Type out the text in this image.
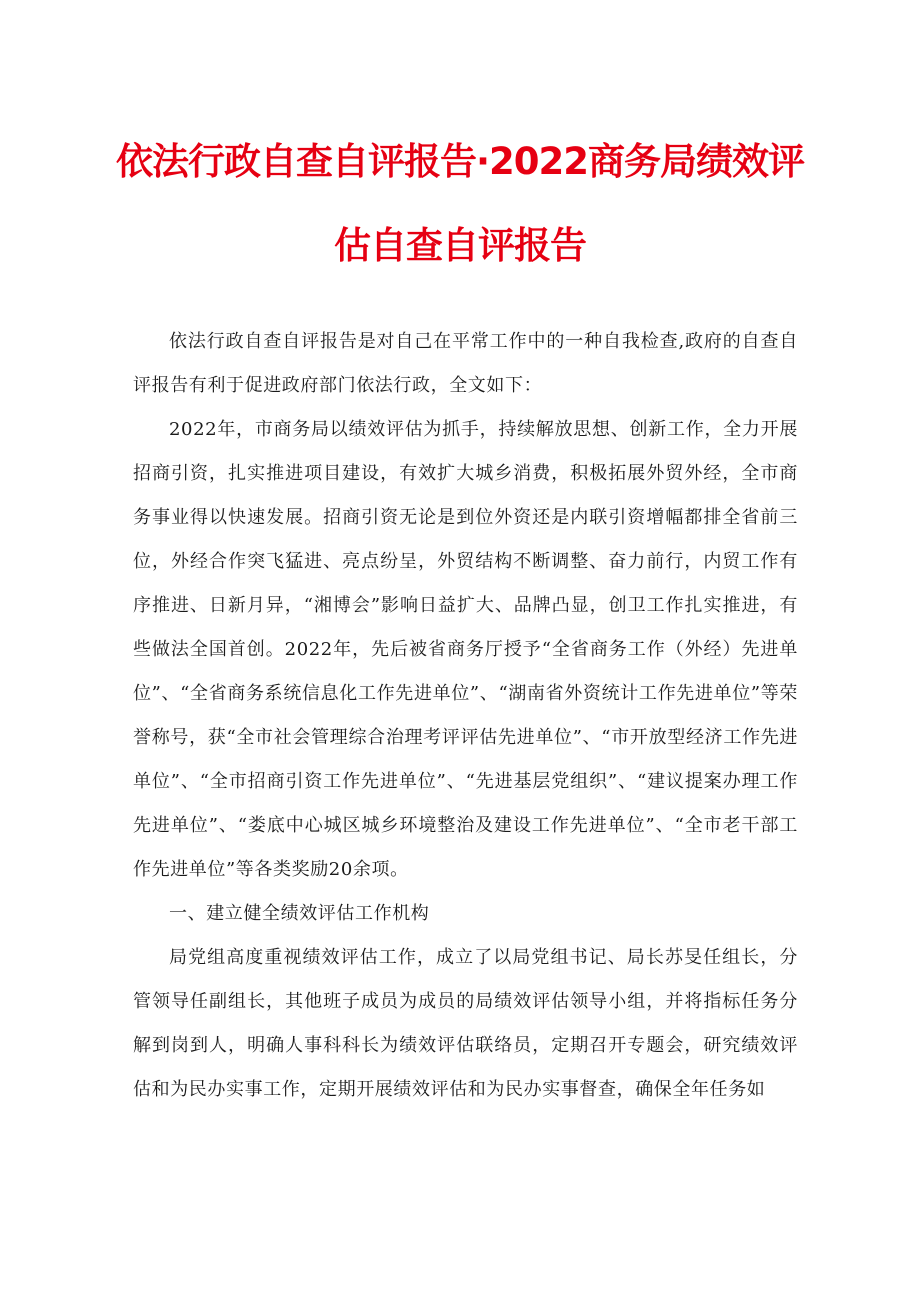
依法行政自查自评报告·2022商务局绩效评
估自查自评报告

依法行政自查自评报告是对自己在平常工作中的一种自我检查,政府的自查自评报告有利于促进政府部门依法行政，全文如下：

2022年，市商务局以绩效评估为抓手，持续解放思想、创新工作，全力开展招商引资，扎实推进项目建设，有效扩大城乡消费，积极拓展外贸外经，全市商务事业得以快速发展。招商引资无论是到位外资还是内联引资增幅都排全省前三位，外经合作突飞猛进、亮点纷呈，外贸结构不断调整、奋力前行，内贸工作有序推进、日新月异，“湘博会”影响日益扩大、品牌凸显，创卫工作扎实推进，有些做法全国首创。2022年，先后被省商务厅授予“全省商务工作（外经）先进单位”、“全省商务系统信息化工作先进单位”、“湖南省外资统计工作先进单位”等荣誉称号，获“全市社会管理综合治理考评评估先进单位”、“市开放型经济工作先进单位”、“全市招商引资工作先进单位”、“先进基层党组织”、“建议提案办理工作先进单位”、“娄底中心城区城乡环境整治及建设工作先进单位”、“全市老干部工作先进单位”等各类奖励20余项。

一、建立健全绩效评估工作机构

局党组高度重视绩效评估工作，成立了以局党组书记、局长苏旻任组长，分管领导任副组长，其他班子成员为成员的局绩效评估领导小组，并将指标任务分解到岗到人，明确人事科科长为绩效评估联络员，定期召开专题会，研究绩效评估和为民办实事工作，定期开展绩效评估和为民办实事督查，确保全年任务如
